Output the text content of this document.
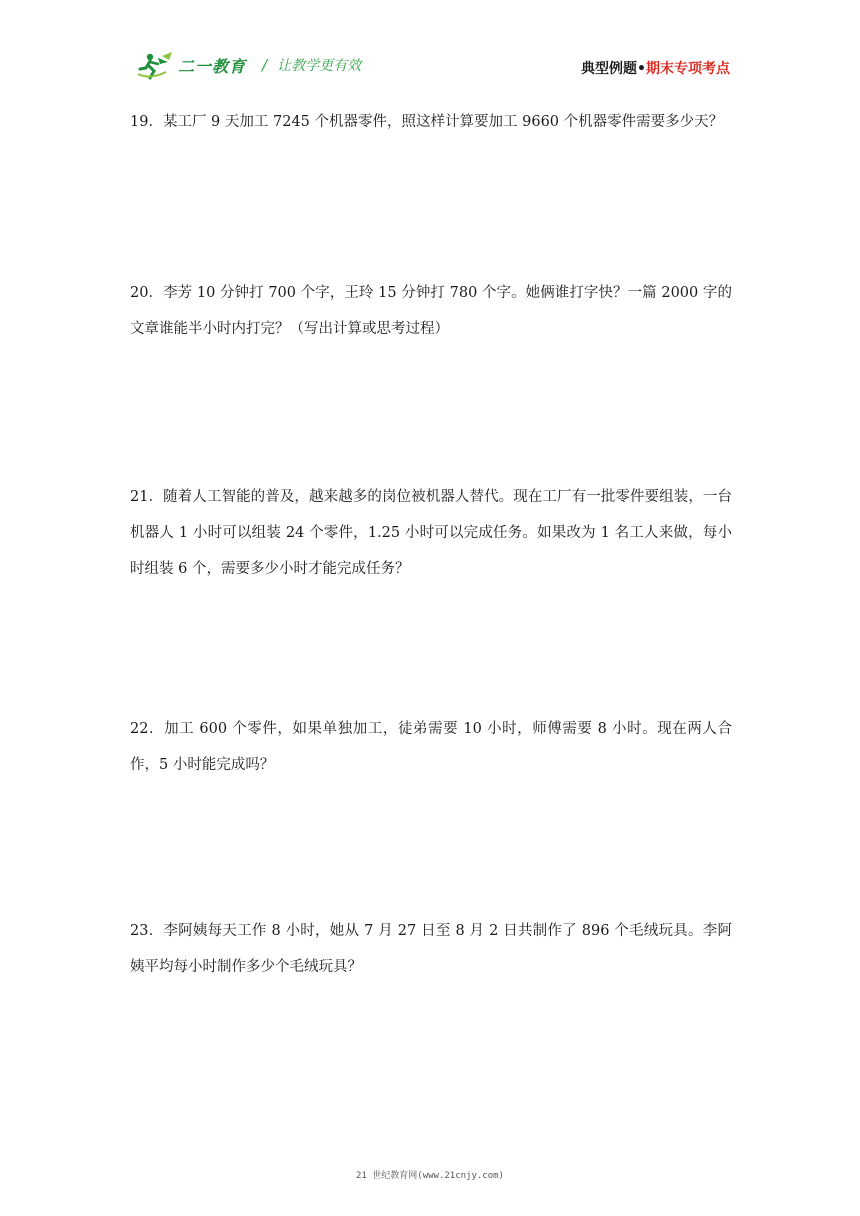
二一教育 / 让教学更有效	典型例题•期末专项考点
19．某工厂 9 天加工 7245 个机器零件，照这样计算要加工 9660 个机器零件需要多少天？
20．李芳 10 分钟打 700 个字，王玲 15 分钟打 780 个字。她俩谁打字快？一篇 2000 字的文章谁能半小时内打完？（写出计算或思考过程）
21．随着人工智能的普及，越来越多的岗位被机器人替代。现在工厂有一批零件要组装，一台机器人 1 小时可以组装 24 个零件，1.25 小时可以完成任务。如果改为 1 名工人来做，每小时组装 6 个，需要多少小时才能完成任务？
22．加工 600 个零件，如果单独加工，徒弟需要 10 小时，师傅需要 8 小时。现在两人合作，5 小时能完成吗？
23．李阿姨每天工作 8 小时，她从 7 月 27 日至 8 月 2 日共制作了 896 个毛绒玩具。李阿姨平均每小时制作多少个毛绒玩具？
21 世纪教育网(www.21cnjy.com)
